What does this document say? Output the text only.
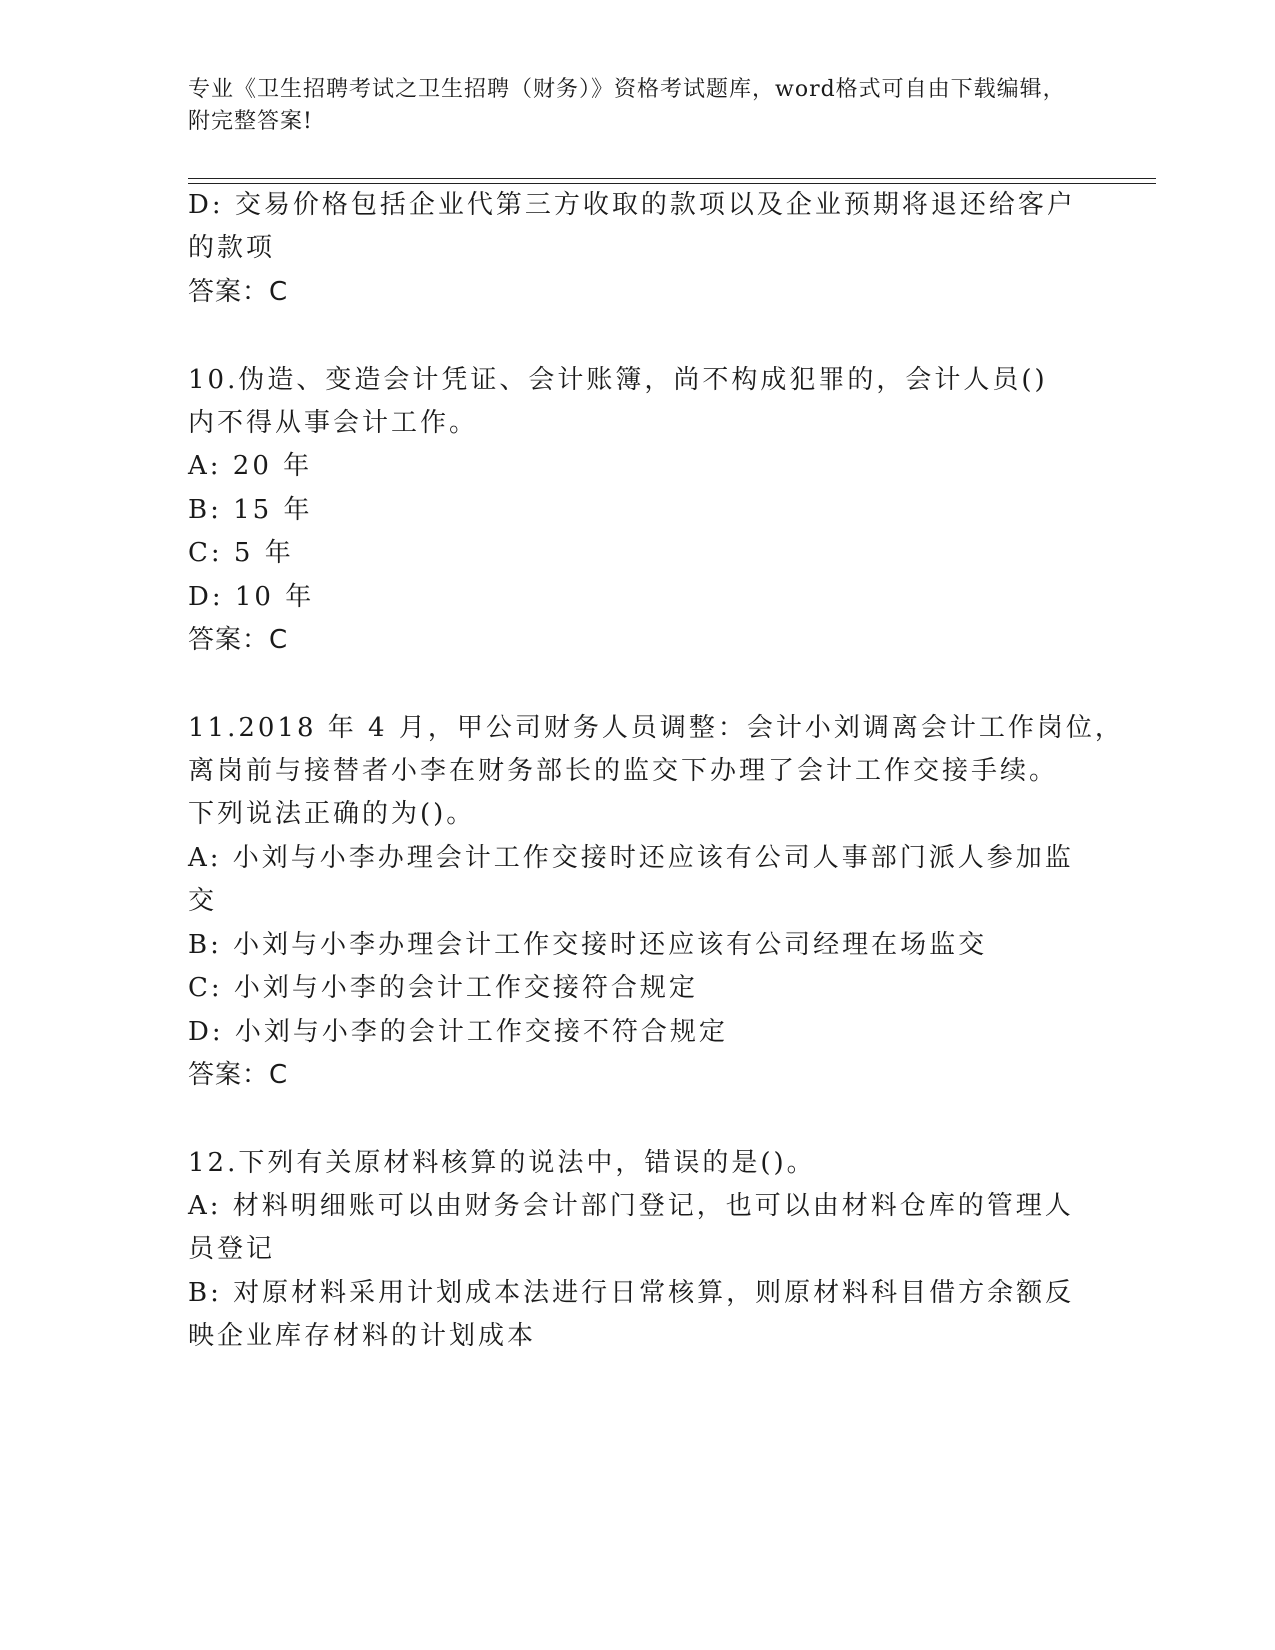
专业《卫生招聘考试之卫生招聘（财务）》资格考试题库，word格式可自由下载编辑，附完整答案!
D: 交易价格包括企业代第三方收取的款项以及企业预期将退还给客户
的款项
答案：C
10.伪造、变造会计凭证、会计账簿，尚不构成犯罪的，会计人员()
内不得从事会计工作。
A: 20 年
B: 15 年
C: 5 年
D: 10 年
答案：C
11.2018 年 4 月，甲公司财务人员调整：会计小刘调离会计工作岗位，
离岗前与接替者小李在财务部长的监交下办理了会计工作交接手续。
下列说法正确的为()。
A: 小刘与小李办理会计工作交接时还应该有公司人事部门派人参加监
交
B: 小刘与小李办理会计工作交接时还应该有公司经理在场监交
C: 小刘与小李的会计工作交接符合规定
D: 小刘与小李的会计工作交接不符合规定
答案：C
12.下列有关原材料核算的说法中，错误的是()。
A: 材料明细账可以由财务会计部门登记，也可以由材料仓库的管理人
员登记
B: 对原材料采用计划成本法进行日常核算，则原材料科目借方余额反
映企业库存材料的计划成本
